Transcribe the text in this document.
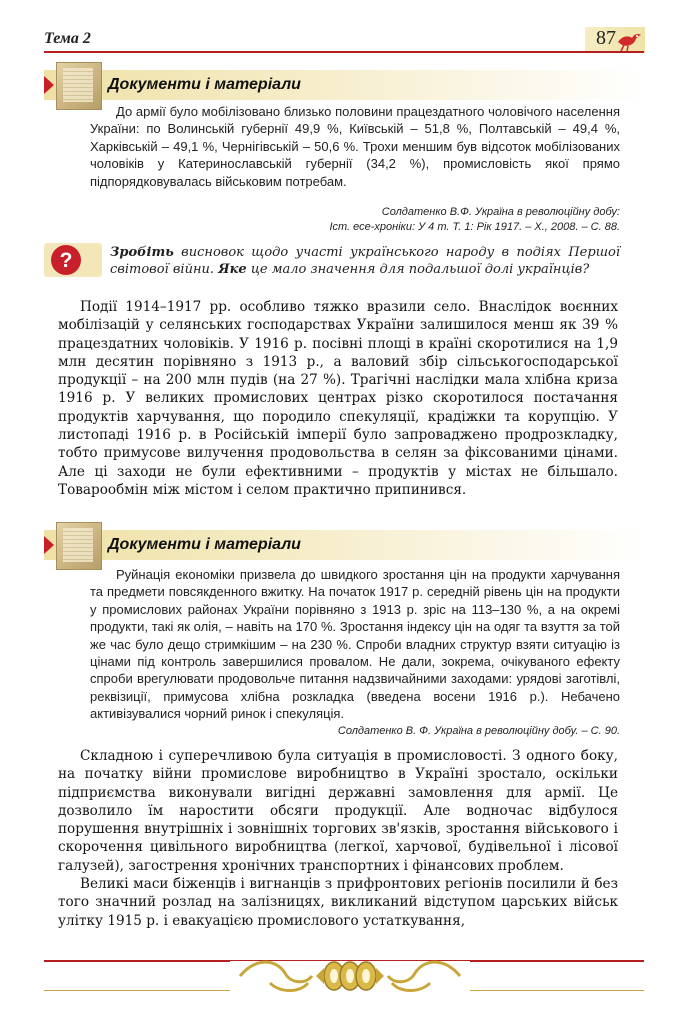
Тема 2	87
Документи і матеріали

До армії було мобілізовано близько половини працездатного чоловічого населення України: по Волинській губернії 49,9 %, Київській – 51,8 %, Полтавській – 49,4 %, Харківській – 49,1 %, Чернігівській – 50,6 %. Трохи меншим був відсоток мобілізованих чоловіків у Катеринославській губернії (34,2 %), промисловість якої прямо підпорядковувалась військовим потребам.

Солдатенко В.Ф. Україна в революційну добу:
Іст. есе-хроніки: У 4 т. Т. 1: Рік 1917. – Х., 2008. – С. 88.
?	Зробіть висновок щодо участі українського народу в подіях Першої світової війни. Яке це мало значення для подальшої долі українців?

Події 1914–1917 рр. особливо тяжко вразили село. Внаслідок воєнних мобілізацій у селянських господарствах України залишилося менш як 39 % працездатних чоловіків. У 1916 р. посівні площі в країні скоротилися на 1,9 млн десятин порівняно з 1913 р., а валовий збір сільськогосподарської продукції – на 200 млн пудів (на 27 %). Трагічні наслідки мала хлібна криза 1916 р. У великих промислових центрах різко скоротилося постачання продуктів харчування, що породило спекуляції, крадіжки та корупцію. У листопаді 1916 р. в Російській імперії було запроваджено продрозкладку, тобто примусове вилучення продовольства в селян за фіксованими цінами. Але ці заходи не були ефективними – продуктів у містах не більшало. Товарообмін між містом і селом практично припинився.

Документи і матеріали

Руйнація економіки призвела до швидкого зростання цін на продукти харчування та предмети повсякденного вжитку. На початок 1917 р. середній рівень цін на продукти у промислових районах України порівняно з 1913 р. зріс на 113–130 %, а на окремі продукти, такі як олія, – навіть на 170 %. Зростання індексу цін на одяг та взуття за той же час було дещо стримкішим – на 230 %. Спроби владних структур взяти ситуацію із цінами під контроль завершилися провалом. Не дали, зокрема, очікуваного ефекту спроби врегулювати продовольче питання надзвичайними заходами: урядові заготівлі, реквізиції, примусова хлібна розкладка (введена восени 1916 р.). Небачено активізувалися чорний ринок і спекуляція.

Солдатенко В. Ф. Україна в революційну добу. – С. 90.

Складною і суперечливою була ситуація в промисловості. З одного боку, на початку війни промислове виробництво в Україні зростало, оскільки підприємства виконували вигідні державні замовлення для армії. Це дозволило їм наростити обсяги продукції. Але водночас відбулося порушення внутрішніх і зовнішніх торгових зв'язків, зростання військового і скорочення цивільного виробництва (легкої, харчової, будівельної і лісової галузей), загострення хронічних транспортних і фінансових проблем.

Великі маси біженців і вигнанців з прифронтових регіонів посилили й без того значний розлад на залізницях, викликаний відступом царських військ улітку 1915 р. і евакуацією промислового устаткування,
